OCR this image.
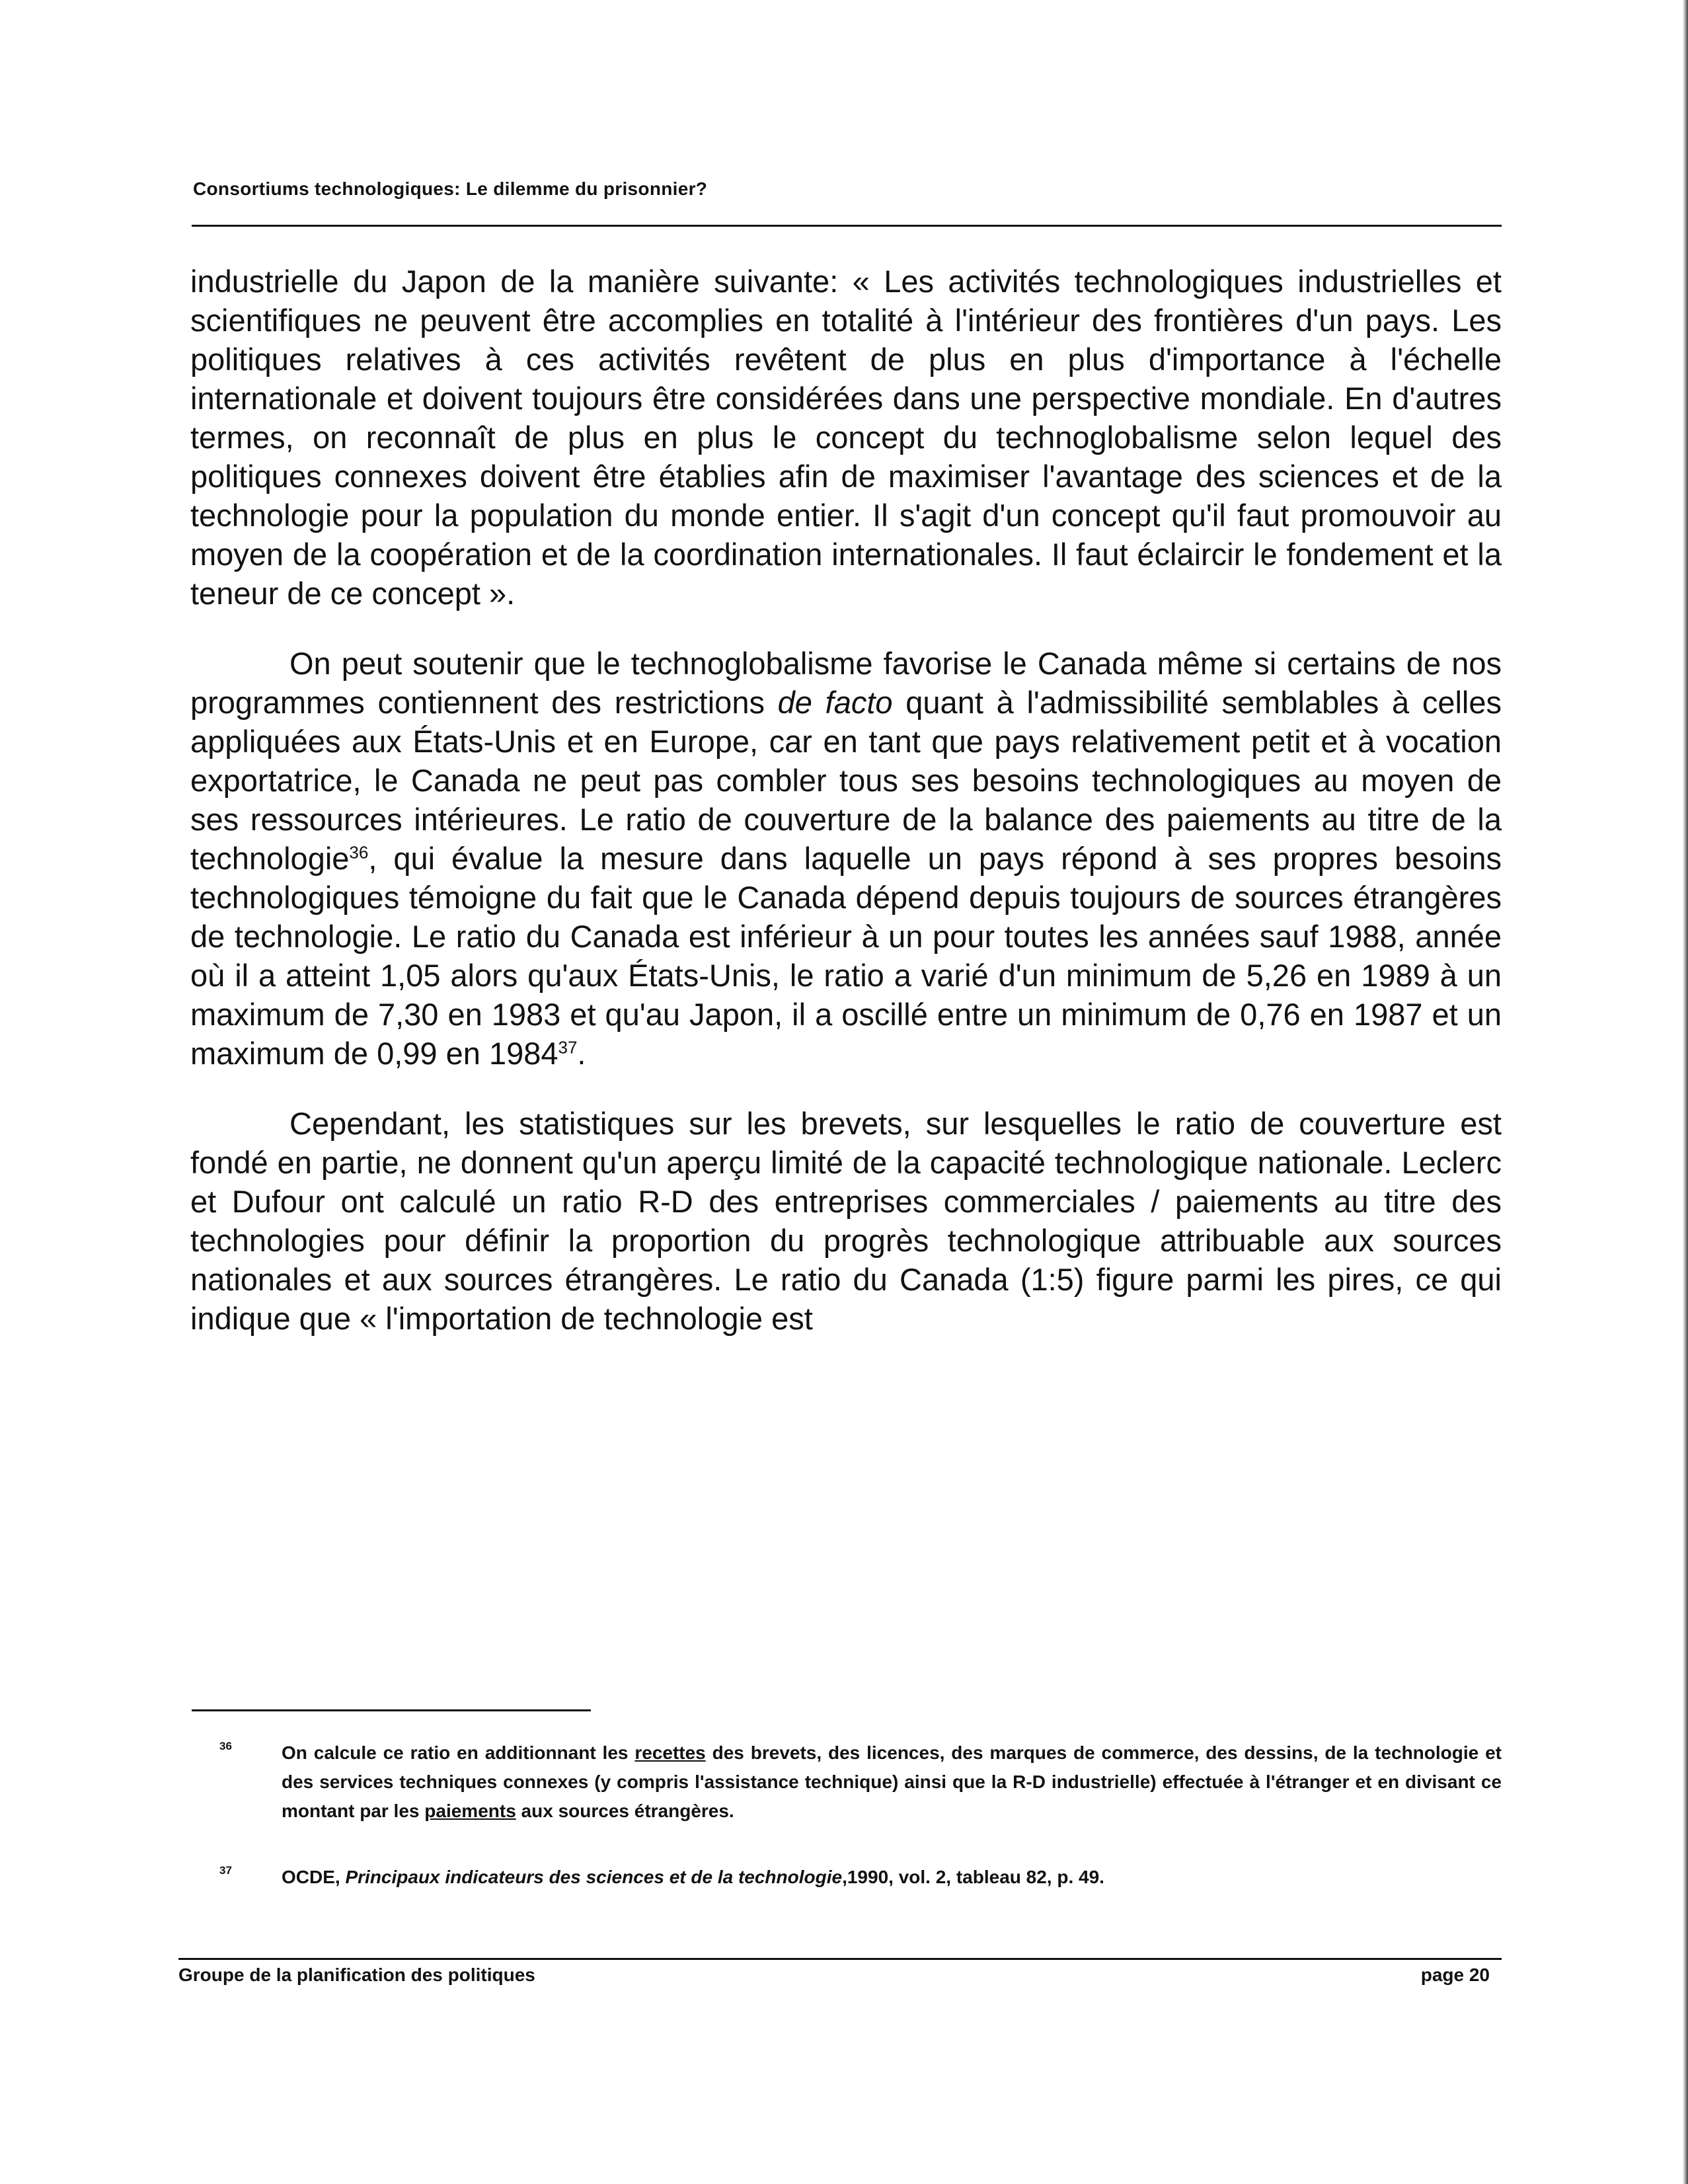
Consortiums technologiques: Le dilemme du prisonnier?

industrielle du Japon de la manière suivante: « Les activités technologiques industrielles et scientifiques ne peuvent être accomplies en totalité à l'intérieur des frontières d'un pays. Les politiques relatives à ces activités revêtent de plus en plus d'importance à l'échelle internationale et doivent toujours être considérées dans une perspective mondiale. En d'autres termes, on reconnaît de plus en plus le concept du technoglobalisme selon lequel des politiques connexes doivent être établies afin de maximiser l'avantage des sciences et de la technologie pour la population du monde entier. Il s'agit d'un concept qu'il faut promouvoir au moyen de la coopération et de la coordination internationales. Il faut éclaircir le fondement et la teneur de ce concept ».

On peut soutenir que le technoglobalisme favorise le Canada même si certains de nos programmes contiennent des restrictions de facto quant à l'admissibilité semblables à celles appliquées aux États-Unis et en Europe, car en tant que pays relativement petit et à vocation exportatrice, le Canada ne peut pas combler tous ses besoins technologiques au moyen de ses ressources intérieures. Le ratio de couverture de la balance des paiements au titre de la technologie$^{36}$, qui évalue la mesure dans laquelle un pays répond à ses propres besoins technologiques témoigne du fait que le Canada dépend depuis toujours de sources étrangères de technologie. Le ratio du Canada est inférieur à un pour toutes les années sauf 1988, année où il a atteint 1,05 alors qu'aux États-Unis, le ratio a varié d'un minimum de 5,26 en 1989 à un maximum de 7,30 en 1983 et qu'au Japon, il a oscillé entre un minimum de 0,76 en 1987 et un maximum de 0,99 en 1984$^{37}$.

Cependant, les statistiques sur les brevets, sur lesquelles le ratio de couverture est fondé en partie, ne donnent qu'un aperçu limité de la capacité technologique nationale. Leclerc et Dufour ont calculé un ratio R-D des entreprises commerciales / paiements au titre des technologies pour définir la proportion du progrès technologique attribuable aux sources nationales et aux sources étrangères. Le ratio du Canada (1:5) figure parmi les pires, ce qui indique que « l'importation de technologie est

36	On calcule ce ratio en additionnant les recettes des brevets, des licences, des marques de commerce, des dessins, de la technologie et des services techniques connexes (y compris l'assistance technique) ainsi que la R-D industrielle) effectuée à l'étranger et en divisant ce montant par les paiements aux sources étrangères.
37	OCDE, Principaux indicateurs des sciences et de la technologie,1990, vol. 2, tableau 82, p. 49.
Groupe de la planification des politiques	page 20
